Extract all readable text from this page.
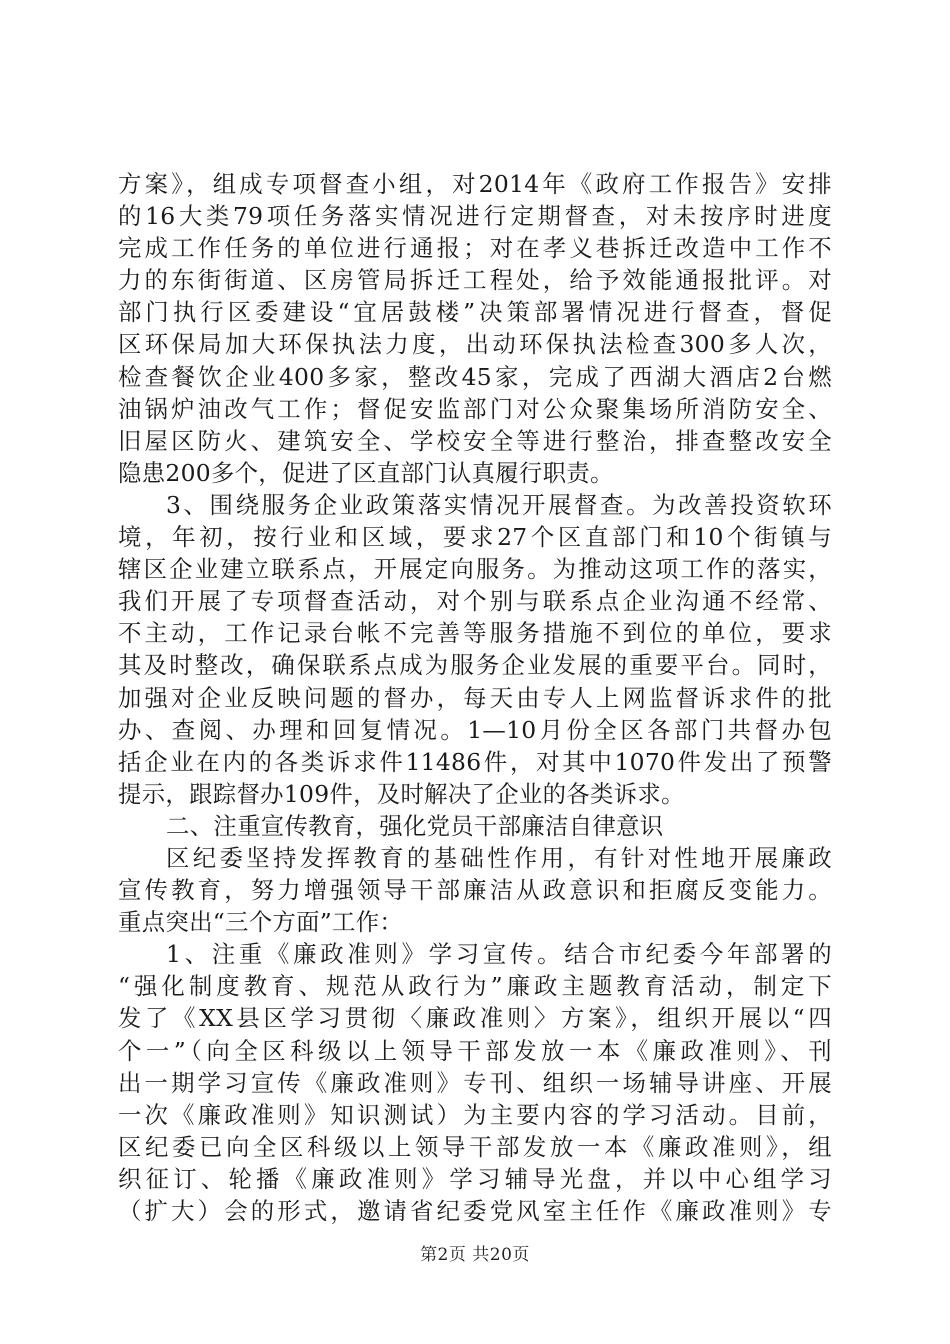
方案》，组成专项督查小组，对2014年《政府工作报告》安排
的16大类79项任务落实情况进行定期督查，对未按序时进度
完成工作任务的单位进行通报；对在孝义巷拆迁改造中工作不
力的东街街道、区房管局拆迁工程处，给予效能通报批评。对
部门执行区委建设“宜居鼓楼”决策部署情况进行督查，督促
区环保局加大环保执法力度，出动环保执法检查300多人次，
检查餐饮企业400多家，整改45家，完成了西湖大酒店2台燃
油锅炉油改气工作；督促安监部门对公众聚集场所消防安全、
旧屋区防火、建筑安全、学校安全等进行整治，排查整改安全
隐患200多个，促进了区直部门认真履行职责。
3、围绕服务企业政策落实情况开展督查。为改善投资软环
境，年初，按行业和区域，要求27个区直部门和10个街镇与
辖区企业建立联系点，开展定向服务。为推动这项工作的落实，
我们开展了专项督查活动，对个别与联系点企业沟通不经常、
不主动，工作记录台帐不完善等服务措施不到位的单位，要求
其及时整改，确保联系点成为服务企业发展的重要平台。同时，
加强对企业反映问题的督办，每天由专人上网监督诉求件的批
办、查阅、办理和回复情况。1—10月份全区各部门共督办包
括企业在内的各类诉求件11486件，对其中1070件发出了预警
提示，跟踪督办109件，及时解决了企业的各类诉求。
二、注重宣传教育，强化党员干部廉洁自律意识
区纪委坚持发挥教育的基础性作用，有针对性地开展廉政
宣传教育，努力增强领导干部廉洁从政意识和拒腐反变能力。
重点突出“三个方面”工作：
1、注重《廉政准则》学习宣传。结合市纪委今年部署的
“强化制度教育、规范从政行为”廉政主题教育活动，制定下
发了《XX县区学习贯彻〈廉政准则〉方案》，组织开展以“四
个一”（向全区科级以上领导干部发放一本《廉政准则》、刊
出一期学习宣传《廉政准则》专刊、组织一场辅导讲座、开展
一次《廉政准则》知识测试）为主要内容的学习活动。目前，
区纪委已向全区科级以上领导干部发放一本《廉政准则》，组
织征订、轮播《廉政准则》学习辅导光盘，并以中心组学习
（扩大）会的形式，邀请省纪委党风室主任作《廉政准则》专
第2页 共20页
